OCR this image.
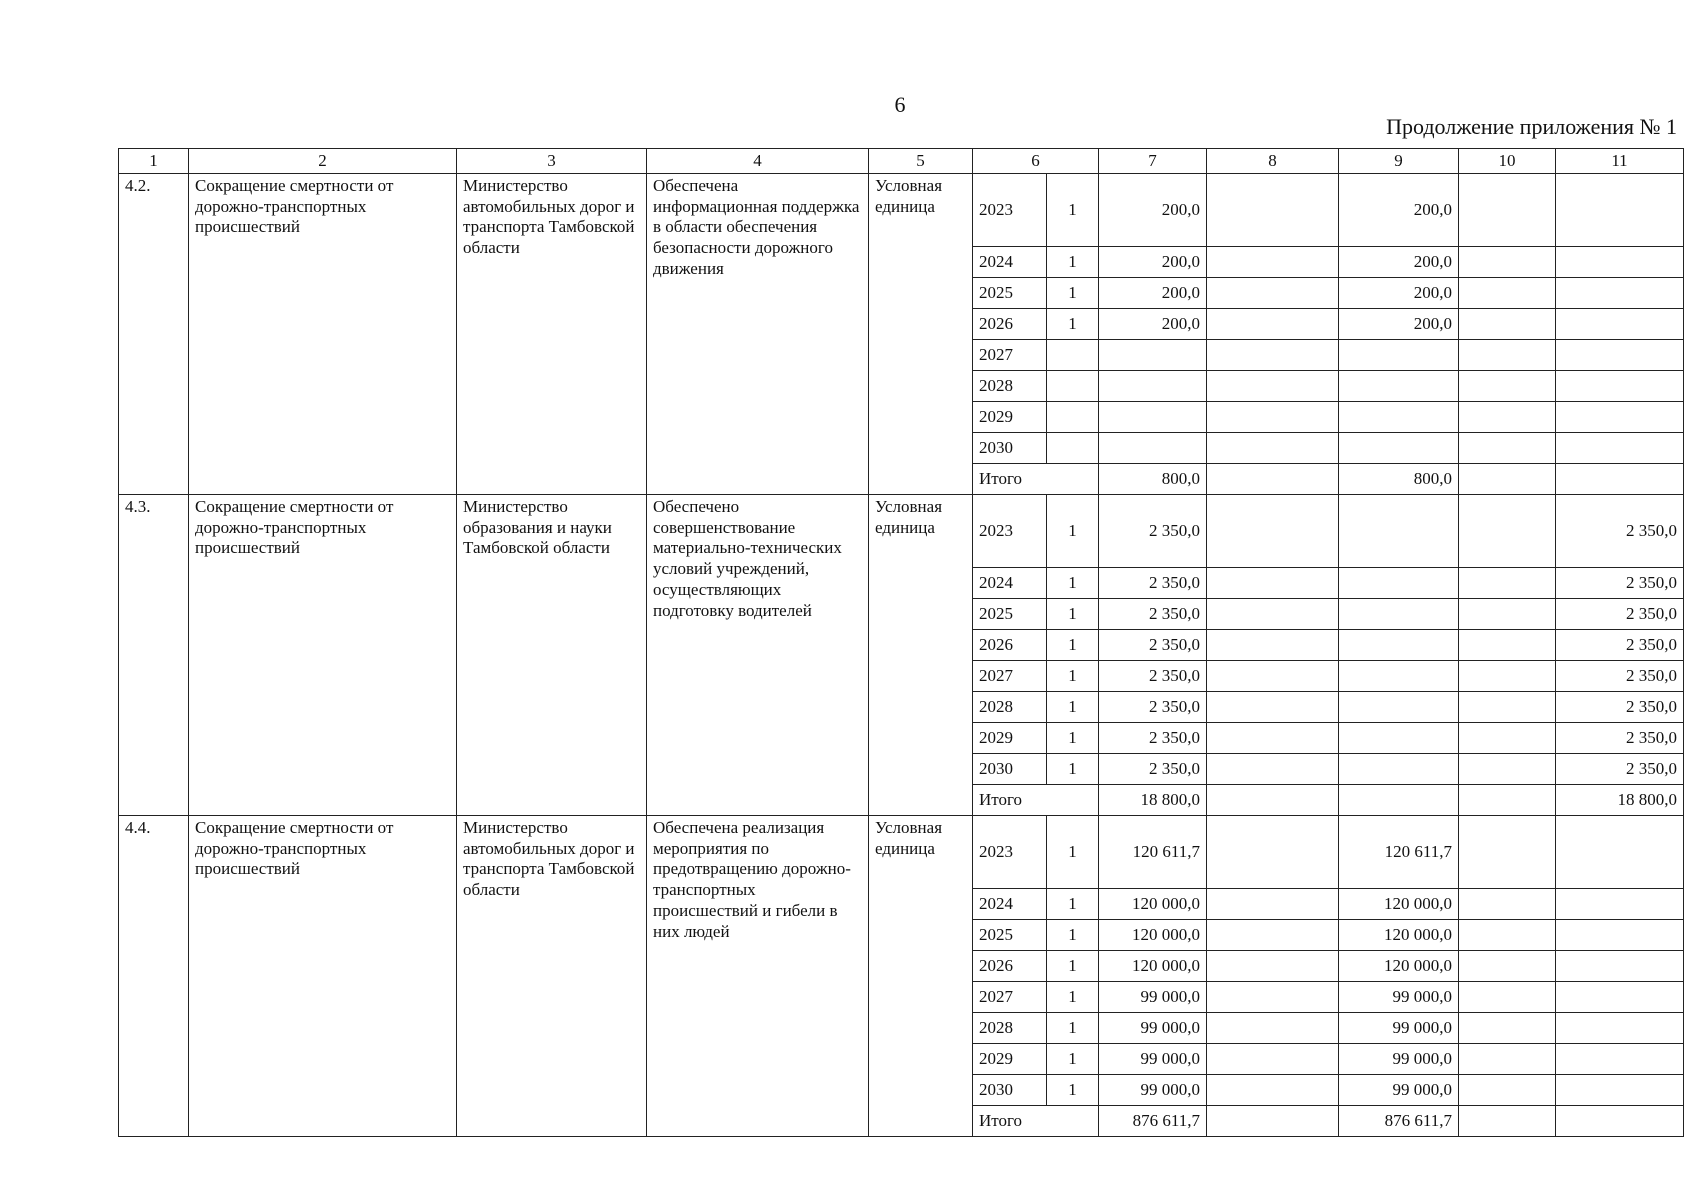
6
Продолжение приложения № 1
1	2	3	4	5	6		7	8	9	10	11
4.2.	Сокращение смертности от дорожно-транспортных происшествий	Министерство автомобильных дорог и транспорта Тамбовской области	Обеспечена информационная поддержка в области обеспечения безопасности дорожного движения	Условная единица	2023	1	200,0		200,0		
					2024	1	200,0		200,0		
					2025	1	200,0		200,0		
					2026	1	200,0		200,0		
					2027						
					2028						
					2029						
					2030						
					Итого		800,0		800,0		
4.3.	Сокращение смертности от дорожно-транспортных происшествий	Министерство образования и науки Тамбовской области	Обеспечено совершенствование материально-технических условий учреждений, осуществляющих подготовку водителей	Условная единица	2023	1	2 350,0				2 350,0
					2024	1	2 350,0				2 350,0
					2025	1	2 350,0				2 350,0
					2026	1	2 350,0				2 350,0
					2027	1	2 350,0				2 350,0
					2028	1	2 350,0				2 350,0
					2029	1	2 350,0				2 350,0
					2030	1	2 350,0				2 350,0
					Итого		18 800,0				18 800,0
4.4.	Сокращение смертности от дорожно-транспортных происшествий	Министерство автомобильных дорог и транспорта Тамбовской области	Обеспечена реализация мероприятия по предотвращению дорожно-транспортных происшествий и гибели в них людей	Условная единица	2023	1	120 611,7		120 611,7		
					2024	1	120 000,0		120 000,0		
					2025	1	120 000,0		120 000,0		
					2026	1	120 000,0		120 000,0		
					2027	1	99 000,0		99 000,0		
					2028	1	99 000,0		99 000,0		
					2029	1	99 000,0		99 000,0		
					2030	1	99 000,0		99 000,0		
					Итого		876 611,7		876 611,7		
